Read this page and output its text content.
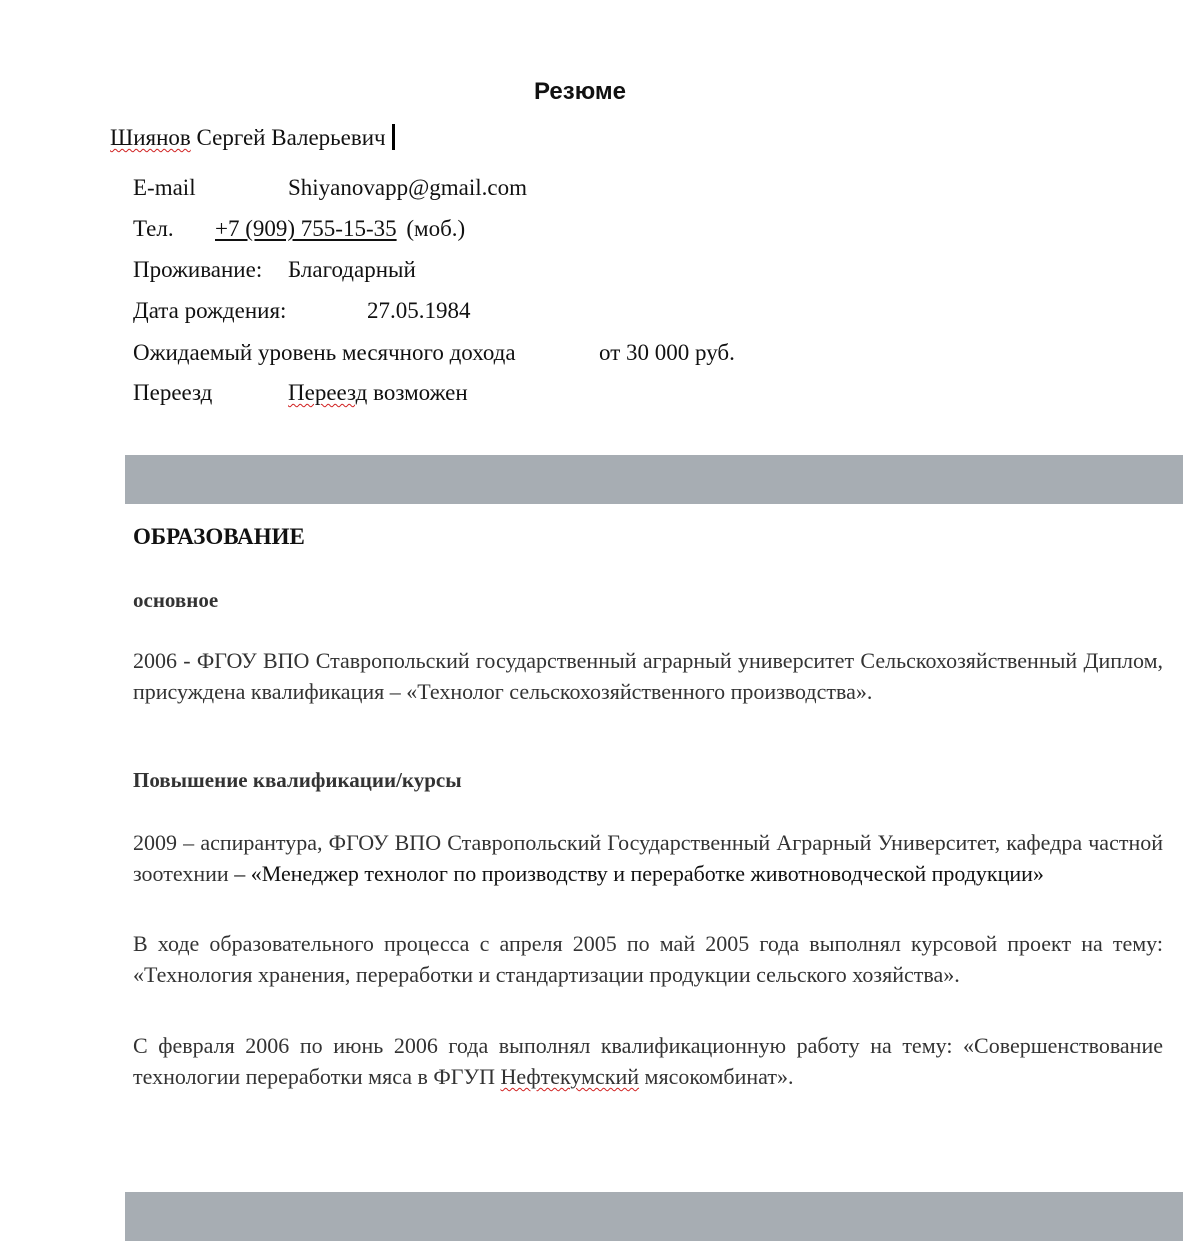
Резюме
Шиянов Сергей Валерьевич
E-mail	Shiyanovapp@gmail.com
Тел. +7 (909) 755-15-35 (моб.)
Проживание: Благодарный
Дата рождения:	27.05.1984
Ожидаемый уровень месячного дохода	от 30 000 руб.
Переезд	Переезд возможен
ОБРАЗОВАНИЕ
основное
2006 - ФГОУ ВПО Ставропольский государственный аграрный университет Сельскохозяйственный Диплом, присуждена квалификация – «Технолог сельскохозяйственного производства».
Повышение квалификации/курсы
2009 – аспирантура, ФГОУ ВПО Ставропольский Государственный Аграрный Университет, кафедра частной зоотехнии – «Менеджер технолог по производству и переработке животноводческой продукции»
В ходе образовательного процесса с апреля 2005 по май 2005 года выполнял курсовой проект на тему: «Технология хранения, переработки и стандартизации продукции сельского хозяйства».
С февраля 2006 по июнь 2006 года выполнял квалификационную работу на тему: «Совершенствование технологии переработки мяса в ФГУП Нефтекумский мясокомбинат».
